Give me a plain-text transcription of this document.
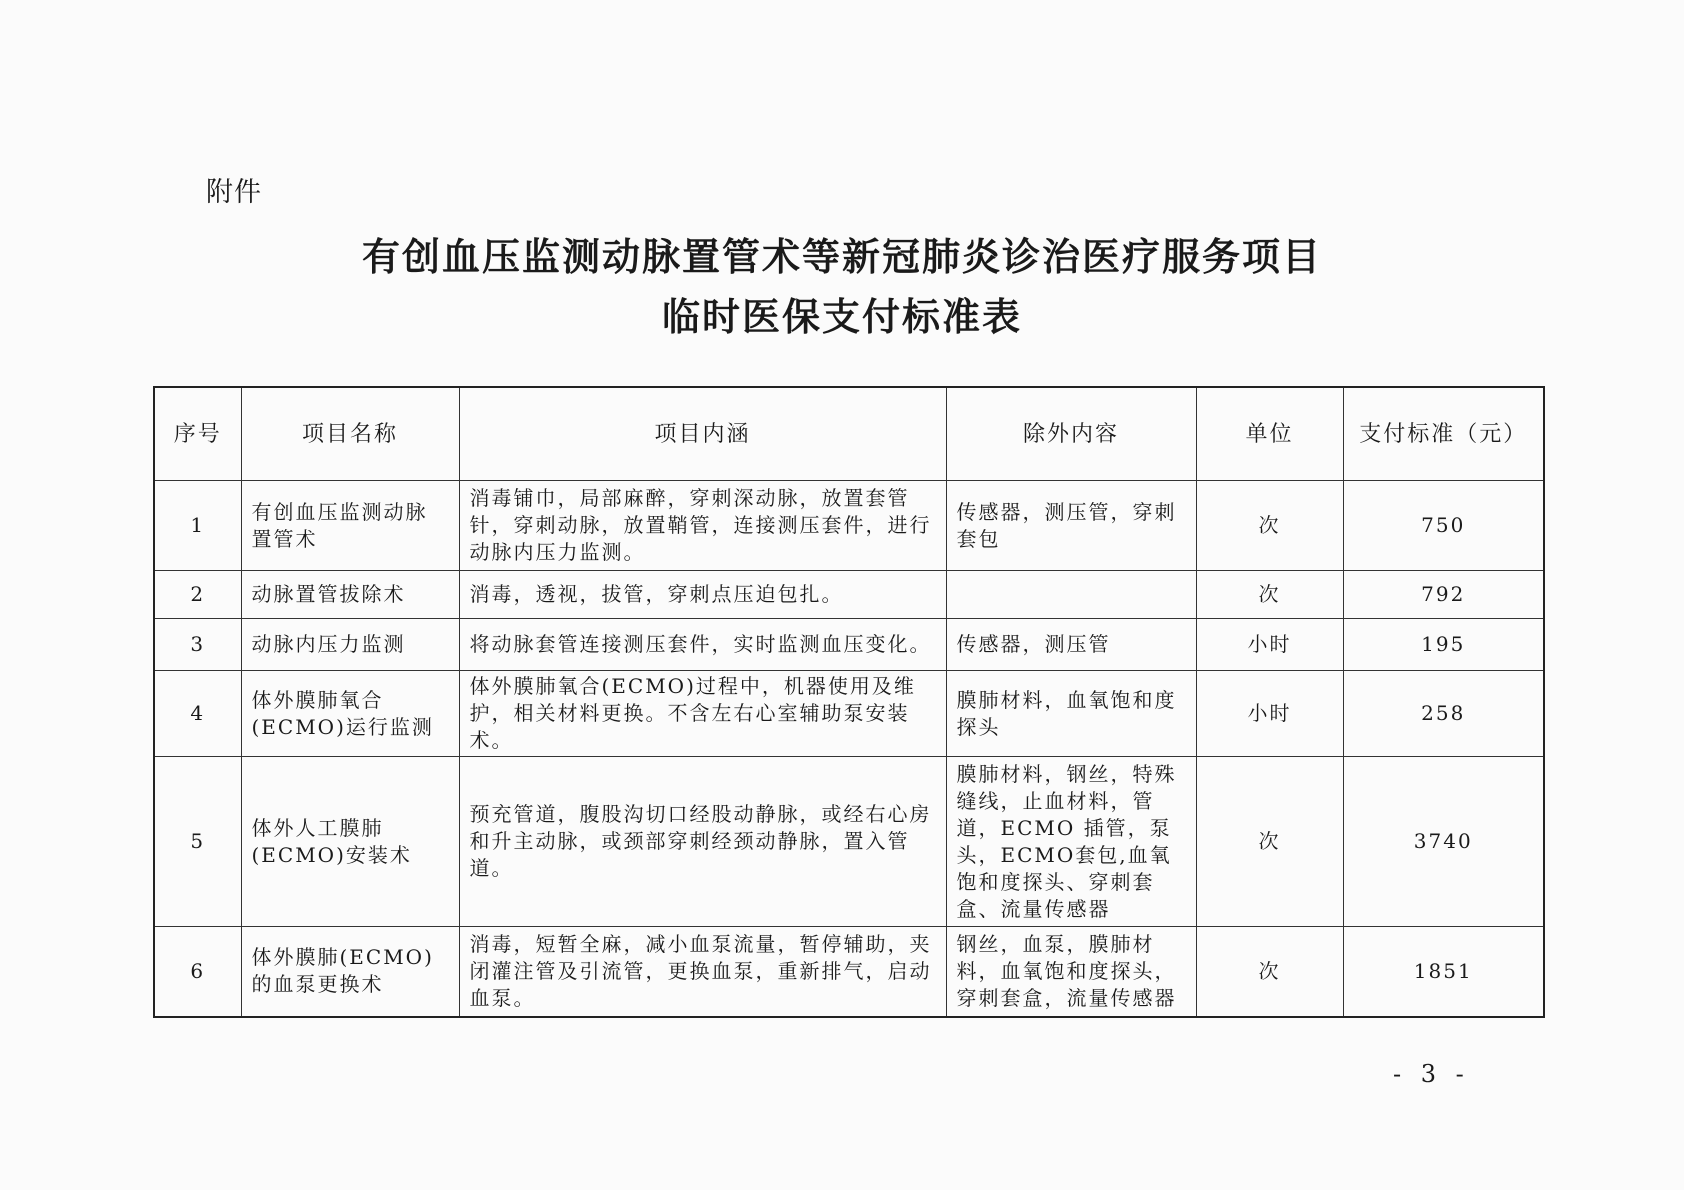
附件
有创血压监测动脉置管术等新冠肺炎诊治医疗服务项目
临时医保支付标准表
序号	项目名称	项目内涵	除外内容	单位	支付标准（元）
1	有创血压监测动脉置管术	消毒铺巾，局部麻醉，穿刺深动脉，放置套管针，穿刺动脉，放置鞘管，连接测压套件，进行动脉内压力监测。	传感器，测压管，穿刺套包	次	750
2	动脉置管拔除术	消毒，透视，拔管，穿刺点压迫包扎。		次	792
3	动脉内压力监测	将动脉套管连接测压套件，实时监测血压变化。	传感器，测压管	小时	195
4	体外膜肺氧合(ECMO)运行监测	体外膜肺氧合(ECMO)过程中，机器使用及维护，相关材料更换。不含左右心室辅助泵安装术。	膜肺材料，血氧饱和度探头	小时	258
5	体外人工膜肺(ECMO)安装术	预充管道，腹股沟切口经股动静脉，或经右心房和升主动脉，或颈部穿刺经颈动静脉，置入管道。	膜肺材料，钢丝，特殊缝线，止血材料，管道，ECMO 插管，泵头，ECMO套包,血氧饱和度探头、穿刺套盒、流量传感器	次	3740
6	体外膜肺(ECMO)的血泵更换术	消毒，短暂全麻，减小血泵流量，暂停辅助，夹闭灌注管及引流管，更换血泵，重新排气，启动血泵。	钢丝，血泵，膜肺材料，血氧饱和度探头，穿刺套盒，流量传感器	次	1851
- 3 -
